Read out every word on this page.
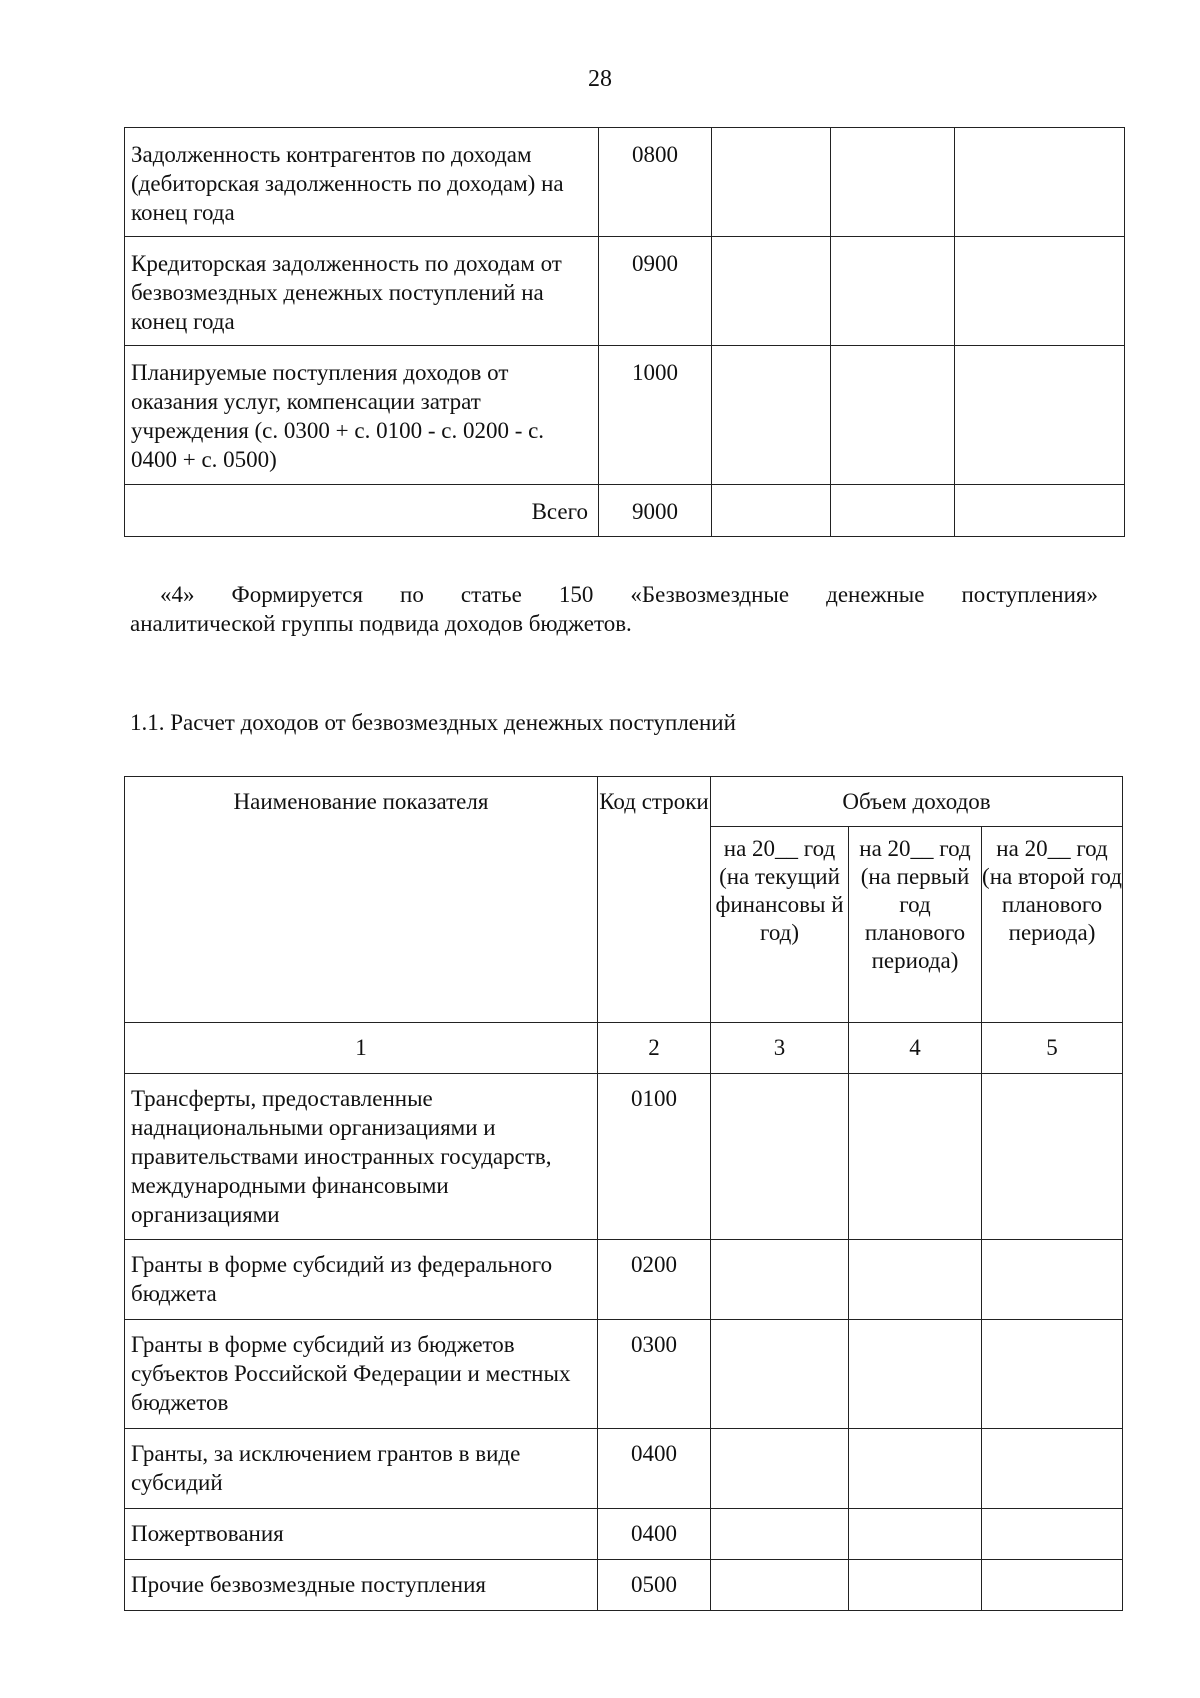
28
Задолженность контрагентов по доходам (дебиторская задолженность по доходам) на конец года	0800			
Кредиторская задолженность по доходам от безвозмездных денежных поступлений на конец года	0900			
Планируемые поступления доходов от оказания услуг, компенсации затрат учреждения (с. 0300 + с. 0100 - с. 0200 - с. 0400 + с. 0500)	1000			
Всего	9000			
«4» Формируется по статье 150 «Безвозмездные денежные поступления»
аналитической группы подвида доходов бюджетов.
1.1. Расчет доходов от безвозмездных денежных поступлений
Наименование показателя	Код строки	Объем доходов		
		на 20__ год (на текущий финансовы й год)	на 20__ год (на первый год планового периода)	на 20__ год (на второй год планового периода)
1	2	3	4	5
Трансферты, предоставленные наднациональными организациями и правительствами иностранных государств, международными финансовыми организациями	0100			
Гранты в форме субсидий из федерального бюджета	0200			
Гранты в форме субсидий из бюджетов субъектов Российской Федерации и местных бюджетов	0300			
Гранты, за исключением грантов в виде субсидий	0400			
Пожертвования	0400			
Прочие безвозмездные поступления	0500			
